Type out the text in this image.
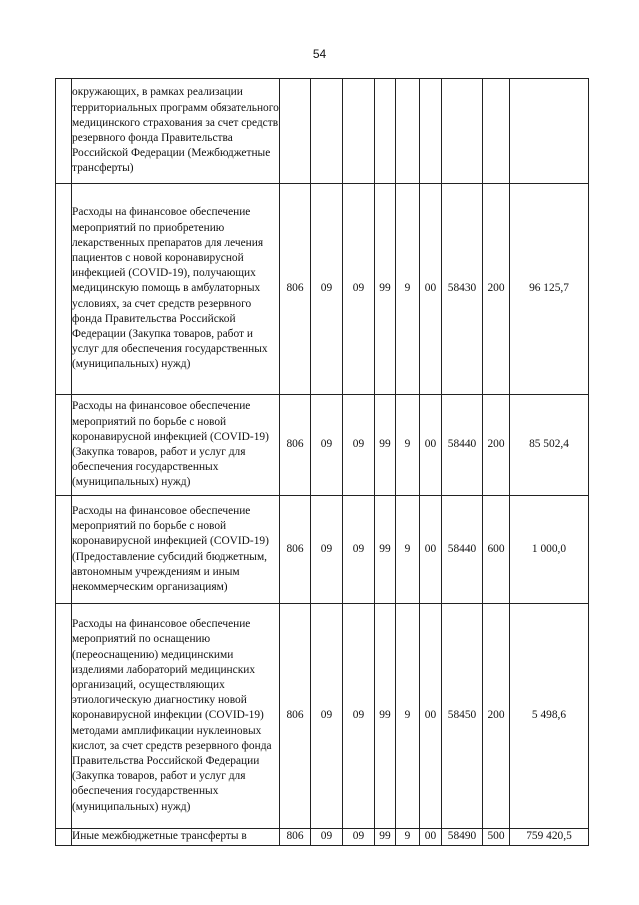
54
	окружающих, в рамках реализации территориальных программ обязательного медицинского страхования за счет средств резервного фонда Правительства Российской Федерации (Межбюджетные трансферты)									
	Расходы на финансовое обеспечение мероприятий по приобретению лекарственных препаратов для лечения пациентов с новой коронавирусной инфекцией (COVID-19), получающих медицинскую помощь в амбулаторных условиях, за счет средств резервного фонда Правительства Российской Федерации (Закупка товаров, работ и услуг для обеспечения государственных (муниципальных) нужд)	806	09	09	99	9	00	58430	200	96 125,7
	Расходы на финансовое обеспечение мероприятий по борьбе с новой коронавирусной инфекцией (COVID-19) (Закупка товаров, работ и услуг для обеспечения государственных (муниципальных) нужд)	806	09	09	99	9	00	58440	200	85 502,4
	Расходы на финансовое обеспечение мероприятий по борьбе с новой коронавирусной инфекцией (COVID-19) (Предоставление субсидий бюджетным, автономным учреждениям и иным некоммерческим организациям)	806	09	09	99	9	00	58440	600	1 000,0
	Расходы на финансовое обеспечение мероприятий по оснащению (переоснащению) медицинскими изделиями лабораторий медицинских организаций, осуществляющих этиологическую диагностику новой коронавирусной инфекции (COVID-19) методами амплификации нуклеиновых кислот, за счет средств резервного фонда Правительства Российской Федерации (Закупка товаров, работ и услуг для обеспечения государственных (муниципальных) нужд)	806	09	09	99	9	00	58450	200	5 498,6
	Иные межбюджетные трансферты в	806	09	09	99	9	00	58490	500	759 420,5
